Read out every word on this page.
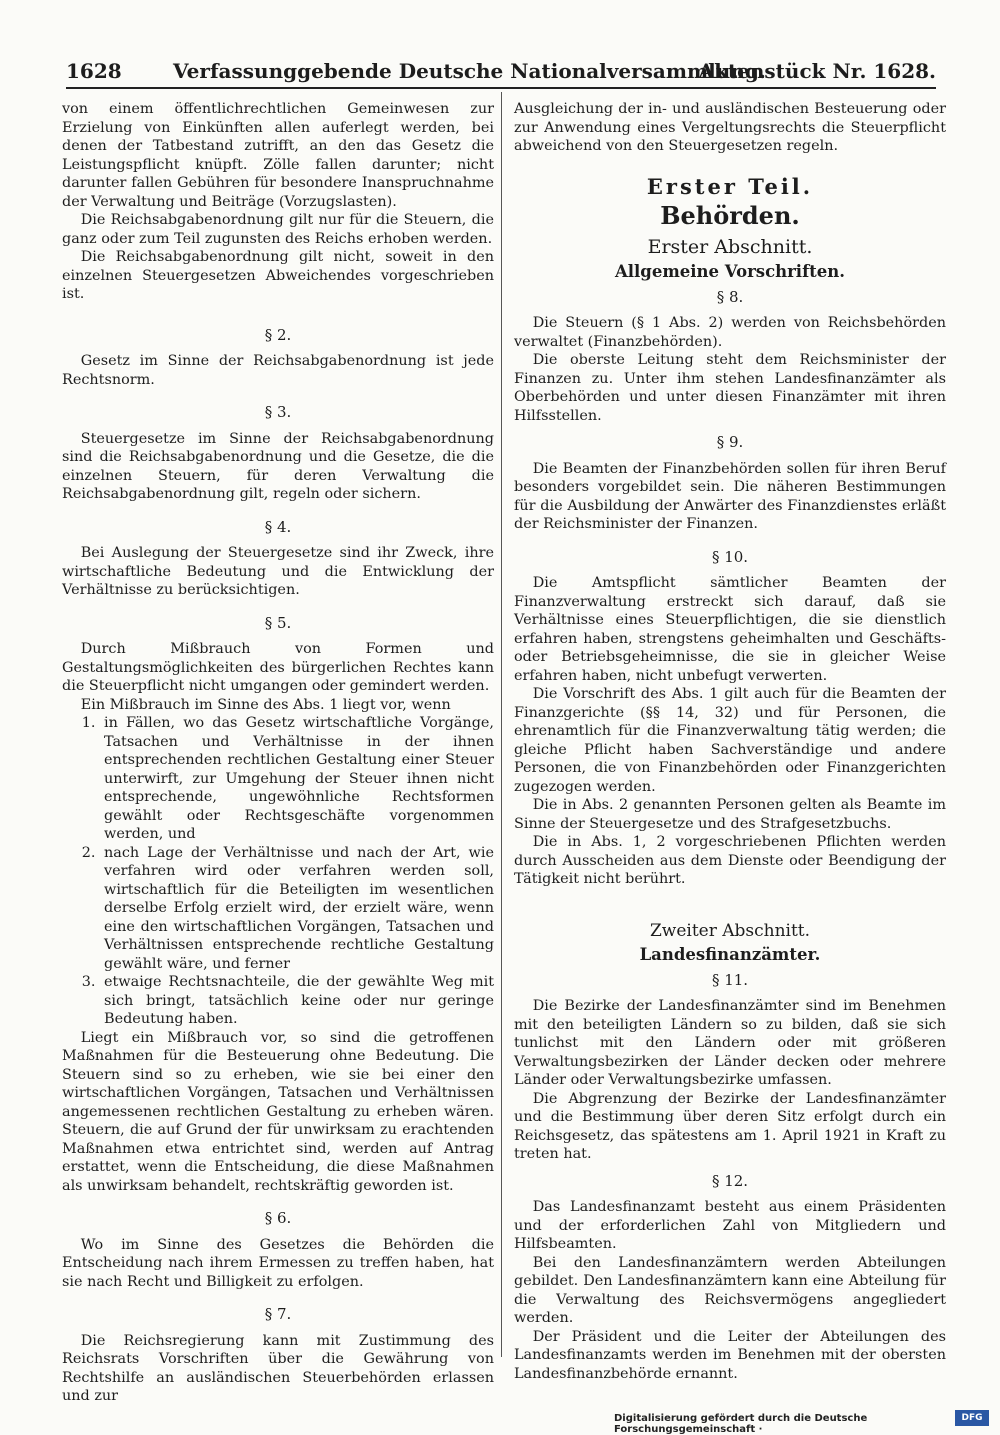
1628	Verfassunggebende Deutsche Nationalversammlung.
Aktenstück Nr. 1628.

von einem öffentlichrechtlichen Gemeinwesen zur Erzielung von Einkünften allen auferlegt werden, bei denen der Tatbestand zutrifft, an den das Gesetz die Leistungspflicht knüpft. Zölle fallen darunter; nicht darunter fallen Gebühren für besondere Inanspruchnahme der Verwaltung und Beiträge (Vorzugslasten).

Die Reichsabgabenordnung gilt nur für die Steuern, die ganz oder zum Teil zugunsten des Reichs erhoben werden.

Die Reichsabgabenordnung gilt nicht, soweit in den einzelnen Steuergesetzen Abweichendes vorgeschrieben ist.

§ 2.

Gesetz im Sinne der Reichsabgabenordnung ist jede Rechtsnorm.

§ 3.

Steuergesetze im Sinne der Reichsabgabenordnung sind die Reichsabgabenordnung und die Gesetze, die die einzelnen Steuern, für deren Verwaltung die Reichsabgabenordnung gilt, regeln oder sichern.

§ 4.

Bei Auslegung der Steuergesetze sind ihr Zweck, ihre wirtschaftliche Bedeutung und die Entwicklung der Verhältnisse zu berücksichtigen.

§ 5.

Durch Mißbrauch von Formen und Gestaltungsmöglichkeiten des bürgerlichen Rechtes kann die Steuerpflicht nicht umgangen oder gemindert werden.

Ein Mißbrauch im Sinne des Abs. 1 liegt vor, wenn

1. in Fällen, wo das Gesetz wirtschaftliche Vorgänge, Tatsachen und Verhältnisse in der ihnen entsprechenden rechtlichen Gestaltung einer Steuer unterwirft, zur Umgehung der Steuer ihnen nicht entsprechende, ungewöhnliche Rechtsformen gewählt oder Rechtsgeschäfte vorgenommen werden, und
2. nach Lage der Verhältnisse und nach der Art, wie verfahren wird oder verfahren werden soll, wirtschaftlich für die Beteiligten im wesentlichen derselbe Erfolg erzielt wird, der erzielt wäre, wenn eine den wirtschaftlichen Vorgängen, Tatsachen und Verhältnissen entsprechende rechtliche Gestaltung gewählt wäre, und ferner
3. etwaige Rechtsnachteile, die der gewählte Weg mit sich bringt, tatsächlich keine oder nur geringe Bedeutung haben.

Liegt ein Mißbrauch vor, so sind die getroffenen Maßnahmen für die Besteuerung ohne Bedeutung. Die Steuern sind so zu erheben, wie sie bei einer den wirtschaftlichen Vorgängen, Tatsachen und Verhältnissen angemessenen rechtlichen Gestaltung zu erheben wären. Steuern, die auf Grund der für unwirksam zu erachtenden Maßnahmen etwa entrichtet sind, werden auf Antrag erstattet, wenn die Entscheidung, die diese Maßnahmen als unwirksam behandelt, rechtskräftig geworden ist.

§ 6.

Wo im Sinne des Gesetzes die Behörden die Entscheidung nach ihrem Ermessen zu treffen haben, hat sie nach Recht und Billigkeit zu erfolgen.

§ 7.

Die Reichsregierung kann mit Zustimmung des Reichsrats Vorschriften über die Gewährung von Rechtshilfe an ausländischen Steuerbehörden erlassen und zur

Ausgleichung der in- und ausländischen Besteuerung oder zur Anwendung eines Vergeltungsrechts die Steuerpflicht abweichend von den Steuergesetzen regeln.

Erster Teil.
Behörden.
Erster Abschnitt.
Allgemeine Vorschriften.
§ 8.

Die Steuern (§ 1 Abs. 2) werden von Reichsbehörden verwaltet (Finanzbehörden).

Die oberste Leitung steht dem Reichsminister der Finanzen zu. Unter ihm stehen Landesfinanzämter als Oberbehörden und unter diesen Finanzämter mit ihren Hilfsstellen.

§ 9.

Die Beamten der Finanzbehörden sollen für ihren Beruf besonders vorgebildet sein. Die näheren Bestimmungen für die Ausbildung der Anwärter des Finanzdienstes erläßt der Reichsminister der Finanzen.

§ 10.

Die Amtspflicht sämtlicher Beamten der Finanzverwaltung erstreckt sich darauf, daß sie Verhältnisse eines Steuerpflichtigen, die sie dienstlich erfahren haben, strengstens geheimhalten und Geschäfts- oder Betriebsgeheimnisse, die sie in gleicher Weise erfahren haben, nicht unbefugt verwerten.

Die Vorschrift des Abs. 1 gilt auch für die Beamten der Finanzgerichte (§§ 14, 32) und für Personen, die ehrenamtlich für die Finanzverwaltung tätig werden; die gleiche Pflicht haben Sachverständige und andere Personen, die von Finanzbehörden oder Finanzgerichten zugezogen werden.

Die in Abs. 2 genannten Personen gelten als Beamte im Sinne der Steuergesetze und des Strafgesetzbuchs.

Die in Abs. 1, 2 vorgeschriebenen Pflichten werden durch Ausscheiden aus dem Dienste oder Beendigung der Tätigkeit nicht berührt.

Zweiter Abschnitt.
Landesfinanzämter.
§ 11.

Die Bezirke der Landesfinanzämter sind im Benehmen mit den beteiligten Ländern so zu bilden, daß sie sich tunlichst mit den Ländern oder mit größeren Verwaltungsbezirken der Länder decken oder mehrere Länder oder Verwaltungsbezirke umfassen.

Die Abgrenzung der Bezirke der Landesfinanzämter und die Bestimmung über deren Sitz erfolgt durch ein Reichsgesetz, das spätestens am 1. April 1921 in Kraft zu treten hat.

§ 12.

Das Landesfinanzamt besteht aus einem Präsidenten und der erforderlichen Zahl von Mitgliedern und Hilfsbeamten.

Bei den Landesfinanzämtern werden Abteilungen gebildet. Den Landesfinanzämtern kann eine Abteilung für die Verwaltung des Reichsvermögens angegliedert werden.

Der Präsident und die Leiter der Abteilungen des Landesfinanzamts werden im Benehmen mit der obersten Landesfinanzbehörde ernannt.

Digitalisierung gefördert durch die Deutsche Forschungsgemeinschaft ·
DFG
